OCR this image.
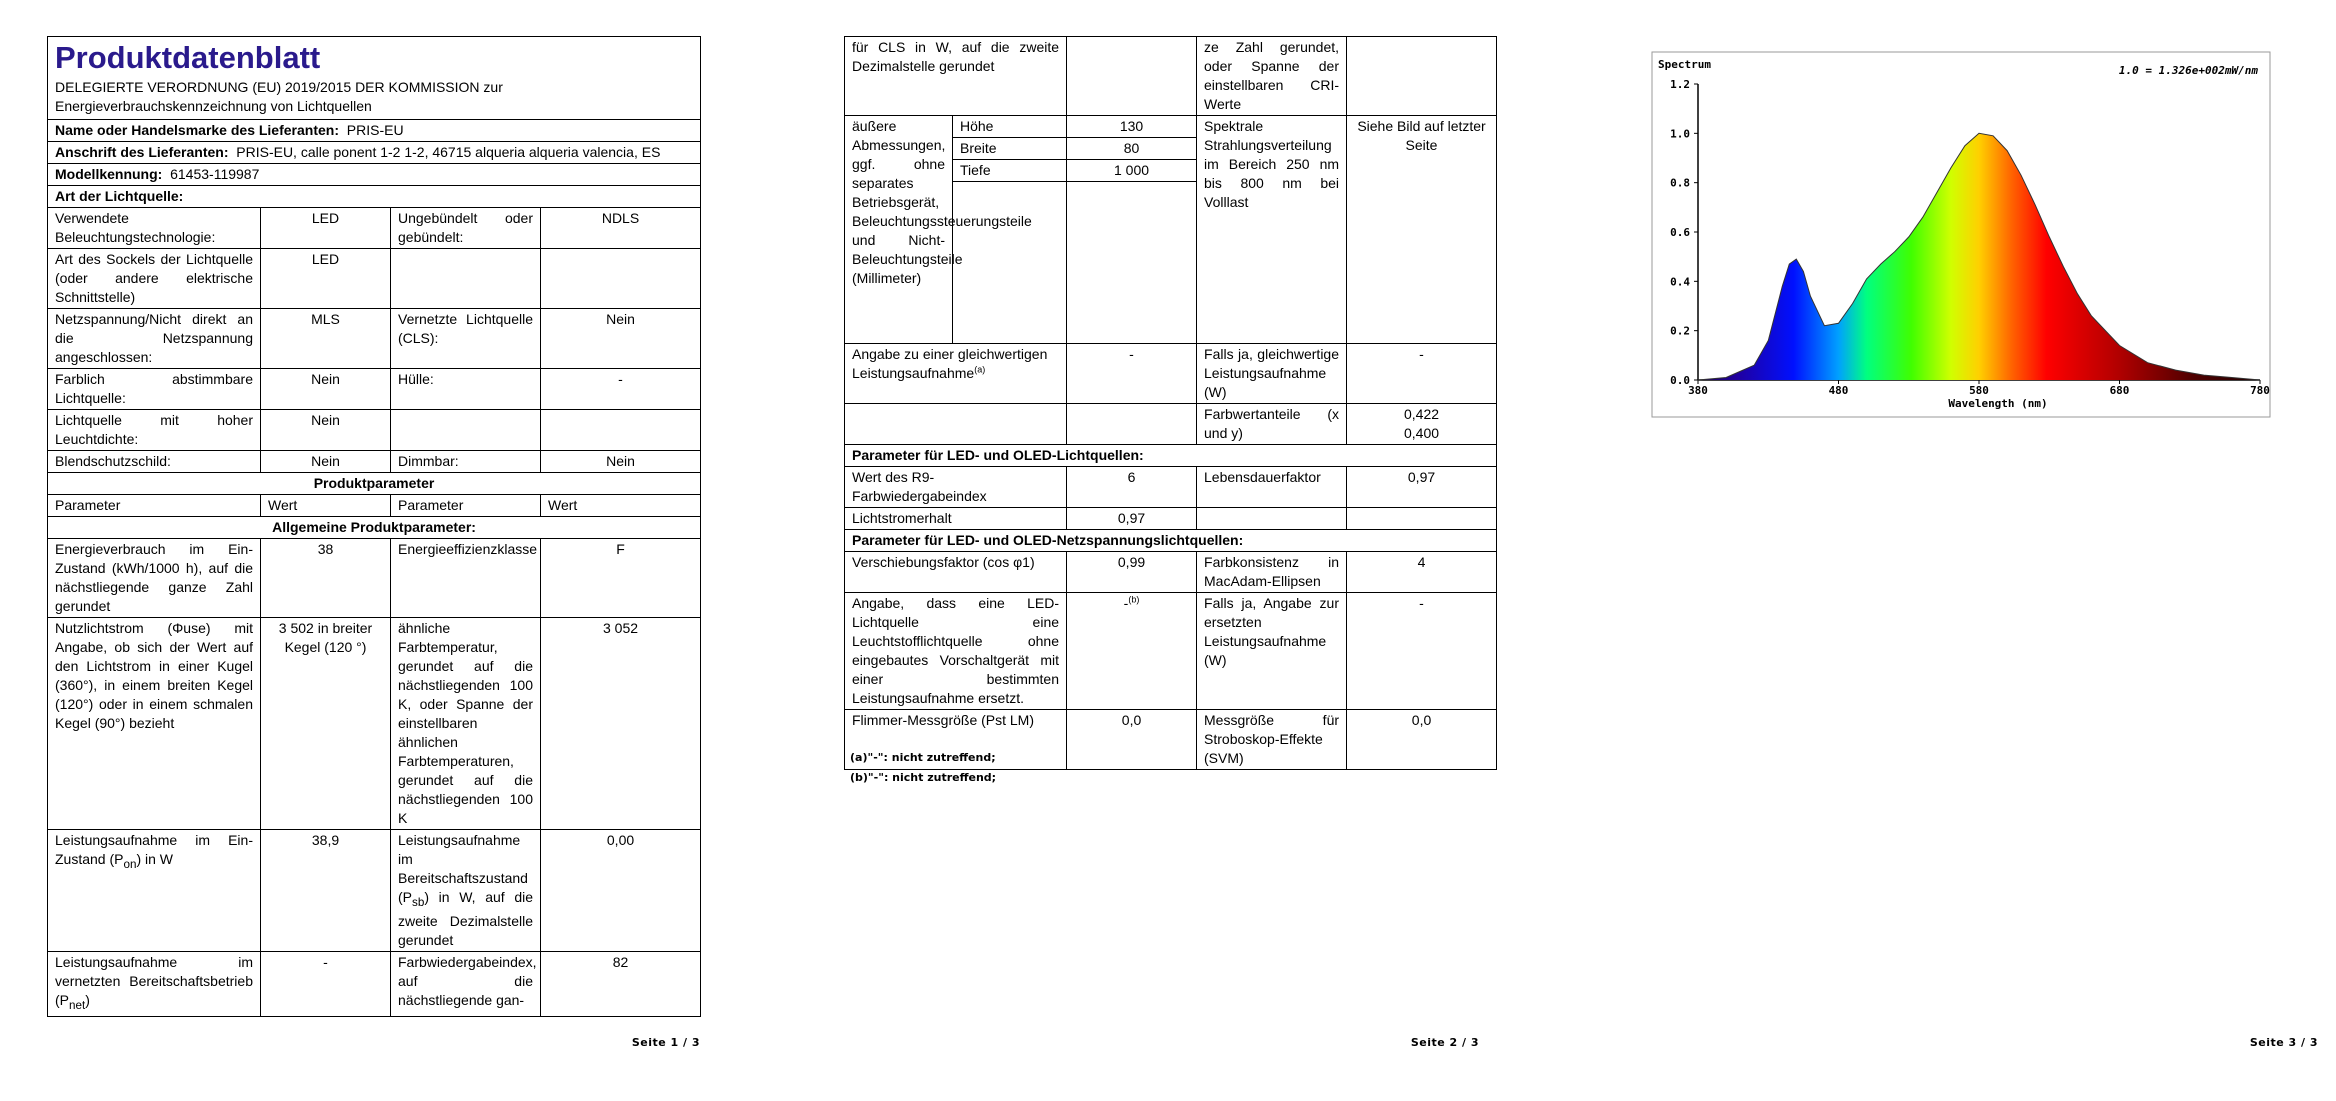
Produktdatenblatt
DELEGIERTE VERORDNUNG (EU) 2019/2015 DER KOMMISSION zur Energieverbrauchskennzeichnung von Lichtquellen			

Name oder Handelsmarke des Lieferanten: PRIS-EU			
Anschrift des Lieferanten: PRIS-EU, calle ponent 1-2 1-2, 46715 alqueria alqueria valencia, ES			
Modellkennung: 61453-119987			
Art der Lichtquelle:			
Verwendete Beleuchtungstechnologie:	LED	Ungebündelt oder gebündelt:	NDLS
Art des Sockels der Lichtquelle (oder andere elektrische Schnittstelle)	LED		
Netzspannung/Nicht direkt an die Netzspannung angeschlossen:	MLS	Vernetzte Lichtquelle (CLS):	Nein
Farblich abstimmbare Lichtquelle:	Nein	Hülle:	-
Lichtquelle mit hoher Leuchtdichte:	Nein		
Blendschutzschild:	Nein	Dimmbar:	Nein
Produktparameter			
Parameter	Wert	Parameter	Wert
Allgemeine Produktparameter:			
Energieverbrauch im Ein-Zustand (kWh/1000 h), auf die nächstliegende ganze Zahl gerundet	38	Energieeffizienzklasse	F
Nutzlichtstrom (Φuse) mit Angabe, ob sich der Wert auf den Lichtstrom in einer Kugel (360°), in einem breiten Kegel (120°) oder in einem schmalen Kegel (90°) bezieht	3 502 in breiter Kegel (120 °)	ähnliche Farbtemperatur, gerundet auf die nächstliegenden 100 K, oder Spanne der einstellbaren ähnlichen Farbtemperaturen, gerundet auf die nächstliegenden 100 K	3 052
Leistungsaufnahme im Ein-Zustand $(P_{on})$ in W	38,9	Leistungsaufnahme im Bereitschaftszustand $(P_{sb})$ in W, auf die zweite Dezimalstelle gerundet	0,00
Leistungsaufnahme im vernetzten Bereitschaftsbetrieb $(P_{net})$	-	Farbwiedergabeindex, auf die nächstliegende gan-	82
Seite 1 / 3	Seite 2 / 3
für CLS in W, auf die zweite Dezimalstelle gerundet			ze Zahl gerundet, oder Spanne der einstellbaren CRI-Werte	
äußere Abmessungen, ggf. ohne separates Betriebsgerät, Beleuchtungssteuerungsteile und Nicht-Beleuchtungsteile (Millimeter)	Höhe	130	Spektrale Strahlungsverteilung im Bereich 250 nm bis 800 nm bei Volllast	Siehe Bild auf letzter Seite
	Breite	80		
	Tiefe	1 000		

Angabe zu einer gleichwertigen Leistungsaufnahme$^{(a)}$		-	Falls ja, gleichwertige Leistungsaufnahme (W)	-
			Farbwertanteile (x und y)	0,422
0,400

Parameter für LED- und OLED-Lichtquellen:				
Wert des R9-Farbwiedergabeindex		6	Lebensdauerfaktor	0,97
Lichtstromerhalt		0,97		
Parameter für LED- und OLED-Netzspannungslichtquellen:				
Verschiebungsfaktor (cos φ1)		0,99	Farbkonsistenz in MacAdam-Ellipsen	4
Angabe, dass eine LED-Lichtquelle eine Leuchtstofflichtquelle ohne eingebautes Vorschaltgerät mit einer bestimmten Leistungsaufnahme ersetzt.		-$^{(b)}$	Falls ja, Angabe zur ersetzten Leistungsaufnahme (W)	-
Flimmer-Messgröße (Pst LM)		0,0	Messgröße für Stroboskop-Effekte (SVM)	0,0
(a)"-": nicht zutreffend;
(b)"-": nicht zutreffend;
Seite 3 / 3
Spectrum	1.0 = 1.326e+002mW/nm
0.0
0.2
0.4
0.6
0.8
1.0
1.2
380	480	580	680	780
Wavelength (nm)
